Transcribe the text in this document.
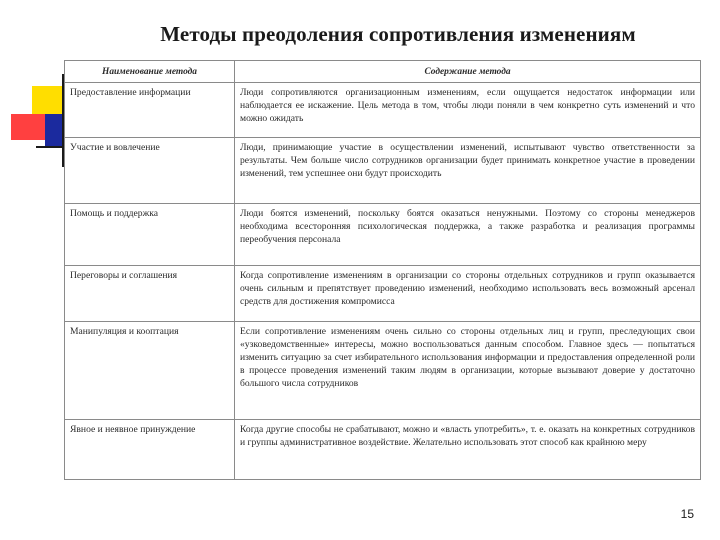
Методы преодоления сопротивления изменениям
Наименование метода	Содержание метода
Предоставление информации	Люди сопротивляются организационным изменениям, если ощущается недостаток информации или наблюдается ее искажение. Цель метода в том, чтобы люди поняли в чем конкретно суть изменений и что можно ожидать
Участие и вовлечение	Люди, принимающие участие в осуществлении изменений, испытывают чувство ответственности за результаты. Чем больше число сотрудников организации будет принимать конкретное участие в проведении изменений, тем успешнее они будут происходить
Помощь и поддержка	Люди боятся изменений, поскольку боятся оказаться ненужными. Поэтому со стороны менеджеров необходима всесторонняя психологическая поддержка, а также разработка и реализация программы переобучения персонала
Переговоры и соглашения	Когда сопротивление изменениям в организации со стороны отдельных сотрудников и групп оказывается очень сильным и препятствует проведению изменений, необходимо использовать весь возможный арсенал средств для достижения компромисса
Манипуляция и кооптация	Если сопротивление изменениям очень сильно со стороны отдельных лиц и групп, преследующих свои «узковедомственные» интересы, можно воспользоваться данным способом. Главное здесь — попытаться изменить ситуацию за счет избирательного использования информации и предоставления определенной роли в процессе проведения изменений таким людям в организации, которые вызывают доверие у достаточно большого числа сотрудников
Явное и неявное принуждение	Когда другие способы не срабатывают, можно и «власть употребить», т. е. оказать на конкретных сотрудников и группы административное воздействие. Желательно использовать этот способ как крайнюю меру
15
